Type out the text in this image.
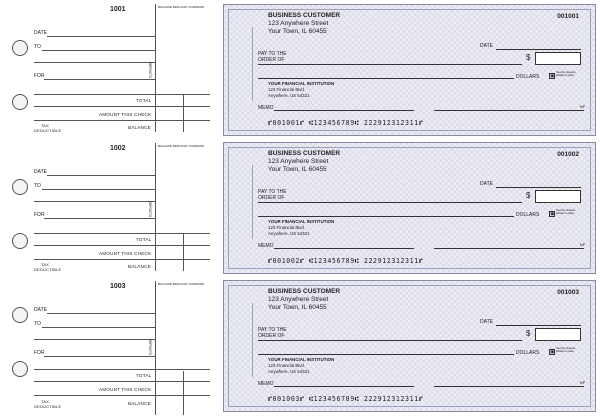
1001	BALANCE BROUGHT FORWARD
DATE
TO
FOR	DEPOSITS
TOTAL
AMOUNT THIS CHECK
TAX DEDUCTIBLE
BALANCE
1002	BALANCE BROUGHT FORWARD
DATE
TO
FOR	DEPOSITS
TOTAL
AMOUNT THIS CHECK
TAX DEDUCTIBLE
BALANCE
1003	BALANCE BROUGHT FORWARD
DATE
TO
FOR	DEPOSITS
TOTAL
AMOUNT THIS CHECK
TAX DEDUCTIBLE
BALANCE
BUSINESS CUSTOMER
123 Anywhere Street
Your Town, IL 60455
001001
DATE
PAY TO THE
ORDER OF	$
DOLLARS ▣
Security features. Details on back.
YOUR FINANCIAL INSTITUTION
123 Financial Blvd
Anywhere, US 54321
MEMO	MP
⑈001001⑈ ⑆123456789⑆ 222912312311⑈
BUSINESS CUSTOMER
123 Anywhere Street
Your Town, IL 60455
001002
DATE
PAY TO THE
ORDER OF	$
DOLLARS ▣
Security features. Details on back.
YOUR FINANCIAL INSTITUTION
123 Financial Blvd
Anywhere, US 54321
MEMO	MP
⑈001002⑈ ⑆123456789⑆ 222912312311⑈
BUSINESS CUSTOMER
123 Anywhere Street
Your Town, IL 60455
001003
DATE
PAY TO THE
ORDER OF	$
DOLLARS ▣
Security features. Details on back.
YOUR FINANCIAL INSTITUTION
123 Financial Blvd
Anywhere, US 54321
MEMO	MP
⑈001003⑈ ⑆123456789⑆ 222912312311⑈
